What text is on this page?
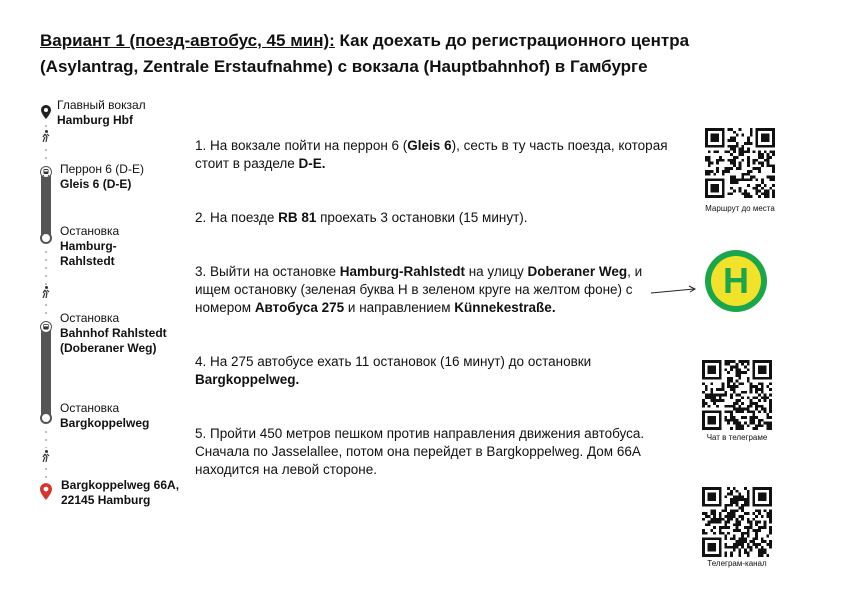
Вариант 1 (поезд-автобус, 45 мин): Как доехать до регистрационного центра
(Asylantrag, Zentrale Erstaufnahme) с вокзала (Hauptbahnhof) в Гамбурге
Главный вокзал
Hamburg Hbf
Перрон 6 (D-E)
Gleis 6 (D-E)
Остановка
Hamburg-Rahlstedt
Остановка
Bahnhof Rahlstedt (Doberaner Weg)
Остановка
Bargkoppelweg
Bargkoppelweg 66A, 22145 Hamburg
1. На вокзале пойти на перрон 6 (Gleis 6), сесть в ту часть поезда, которая стоит в разделе D-E.
2. На поезде RB 81 проехать 3 остановки (15 минут).
3. Выйти на остановке Hamburg-Rahlstedt на улицу Doberaner Weg, и ищем остановку (зеленая буква Н в зеленом круге на желтом фоне) с номером Автобуса 275 и направлением Künnekestraße.
4. На 275 автобусе ехать 11 остановок (16 минут) до остановки Bargkoppelweg.
5. Пройти 450 метров пешком против направления движения автобуса. Сначала по Jasselallee, потом она перейдет в Bargkoppelweg. Дом 66А находится на левой стороне.
H
Маршрут до места
Чат в телеграме
Телеграм-канал
